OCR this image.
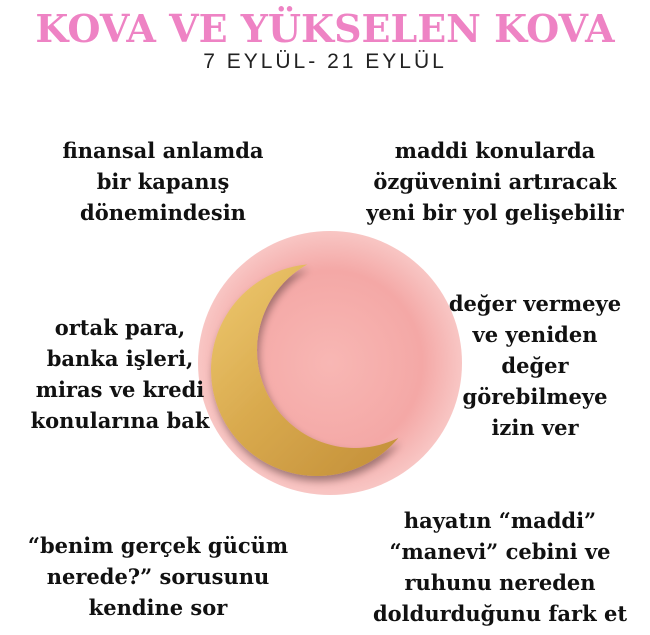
KOVA VE YÜKSELEN KOVA
7 EYLÜL- 21 EYLÜL
finansal anlamda
bir kapanış
dönemindesin
maddi konularda
özgüvenini artıracak
yeni bir yol gelişebilir
ortak para,
banka işleri,
miras ve kredi
konularına bak
değer vermeye
ve yeniden
değer
görebilmeye
izin ver
“benim gerçek gücüm
nerede?” sorusunu
kendine sor
hayatın “maddi”
“manevi” cebini ve
ruhunu nereden
doldurduğunu fark et
